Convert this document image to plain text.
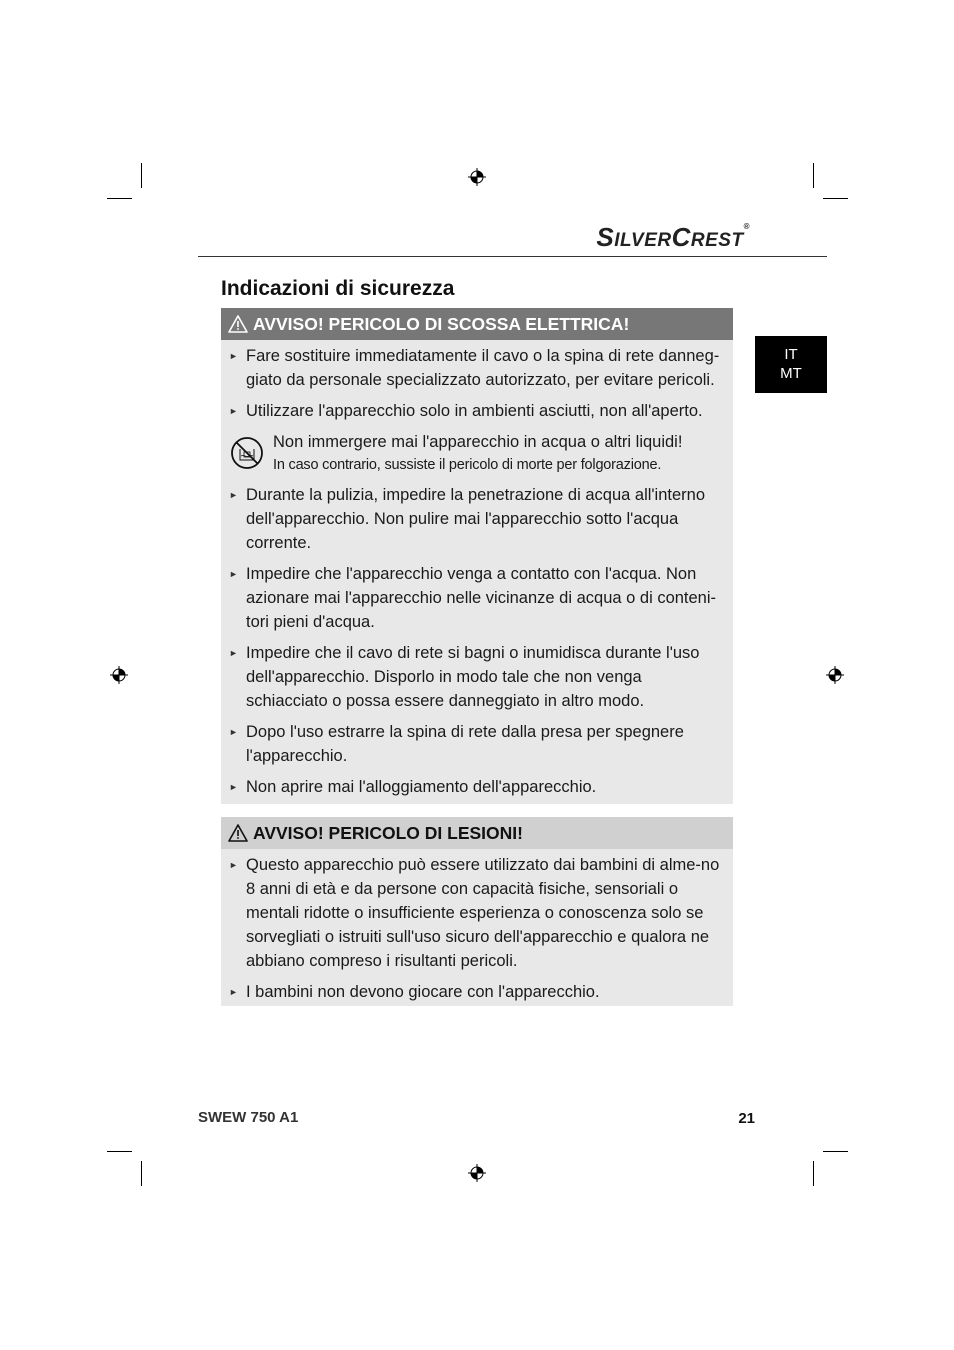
SILVERCREST®
Indicazioni di sicurezza
IT
MT
AVVISO! PERICOLO DI SCOSSA ELETTRICA!
► Fare sostituire immediatamente il cavo o la spina di rete danneg-giato da personale specializzato autorizzato, per evitare pericoli.
► Utilizzare l'apparecchio solo in ambienti asciutti, non all'aperto.
Non immergere mai l'apparecchio in acqua o altri liquidi!
In caso contrario, sussiste il pericolo di morte per folgorazione.
► Durante la pulizia, impedire la penetrazione di acqua all'interno dell'apparecchio. Non pulire mai l'apparecchio sotto l'acqua corrente.
► Impedire che l'apparecchio venga a contatto con l'acqua. Non azionare mai l'apparecchio nelle vicinanze di acqua o di conteni-tori pieni d'acqua.
► Impedire che il cavo di rete si bagni o inumidisca durante l'uso dell'apparecchio. Disporlo in modo tale che non venga schiacciato o possa essere danneggiato in altro modo.
► Dopo l'uso estrarre la spina di rete dalla presa per spegnere l'apparecchio.
► Non aprire mai l'alloggiamento dell'apparecchio.
AVVISO! PERICOLO DI LESIONI!
► Questo apparecchio può essere utilizzato dai bambini di alme-no 8 anni di età e da persone con capacità fisiche, sensoriali o mentali ridotte o insufficiente esperienza o conoscenza solo se sorvegliati o istruiti sull'uso sicuro dell'apparecchio e qualora ne abbiano compreso i risultanti pericoli.
► I bambini non devono giocare con l'apparecchio.
SWEW 750 A1	21
